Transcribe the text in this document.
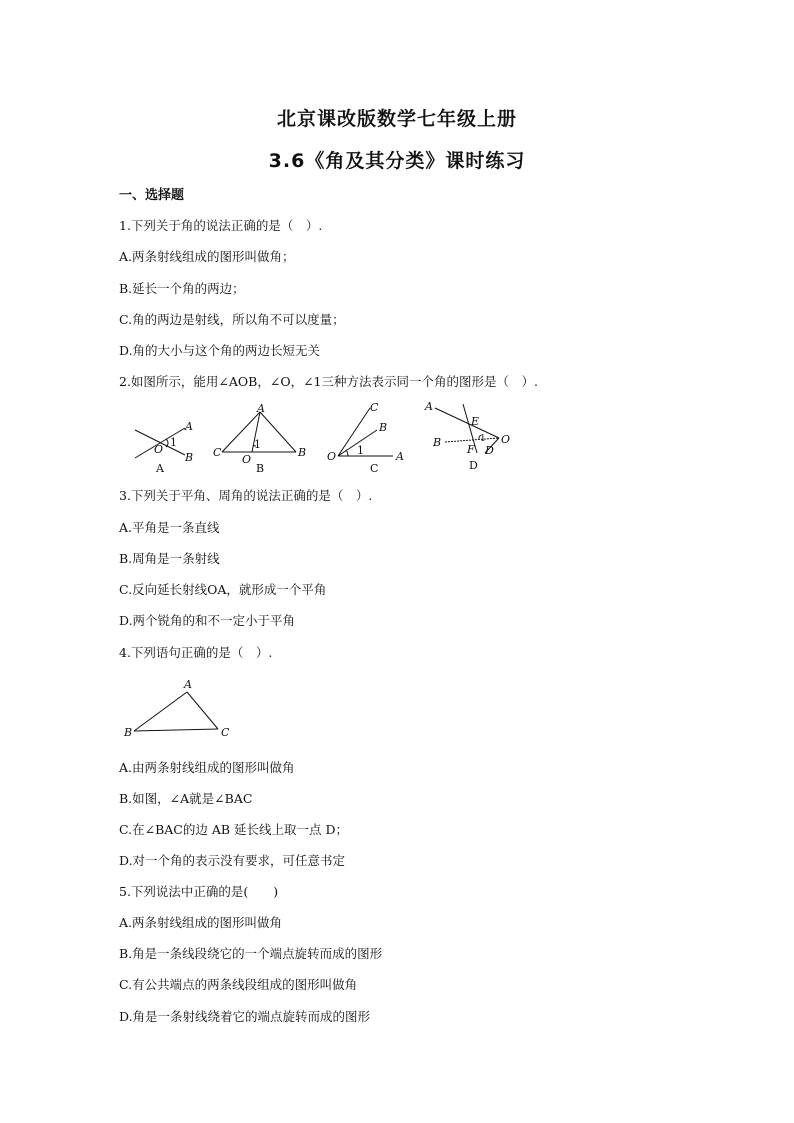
北京课改版数学七年级上册
3.6《角及其分类》课时练习
一、选择题
1.下列关于角的说法正确的是（　）.
A.两条射线组成的图形叫做角；
B.延长一个角的两边；
C.角的两边是射线，所以角不可以度量；
D.角的大小与这个角的两边长短无关
2.如图所示，能用∠AOB，∠O，∠1三种方法表示同一个角的图形是（　）.
A
O
1
B
A
A
C
O
1
B
B
C
B
O 1	A
C
A
E
B	1 O
F D
D
3.下列关于平角、周角的说法正确的是（　）.
A.平角是一条直线
B.周角是一条射线
C.反向延长射线OA，就形成一个平角
D.两个锐角的和不一定小于平角
4.下列语句正确的是（　）.
A
B	C
A.由两条射线组成的图形叫做角
B.如图，∠A就是∠BAC
C.在∠BAC的边 AB 延长线上取一点 D；
D.对一个角的表示没有要求，可任意书定
5.下列说法中正确的是(　　)
A.两条射线组成的图形叫做角
B.角是一条线段绕它的一个端点旋转而成的图形
C.有公共端点的两条线段组成的图形叫做角
D.角是一条射线绕着它的端点旋转而成的图形
